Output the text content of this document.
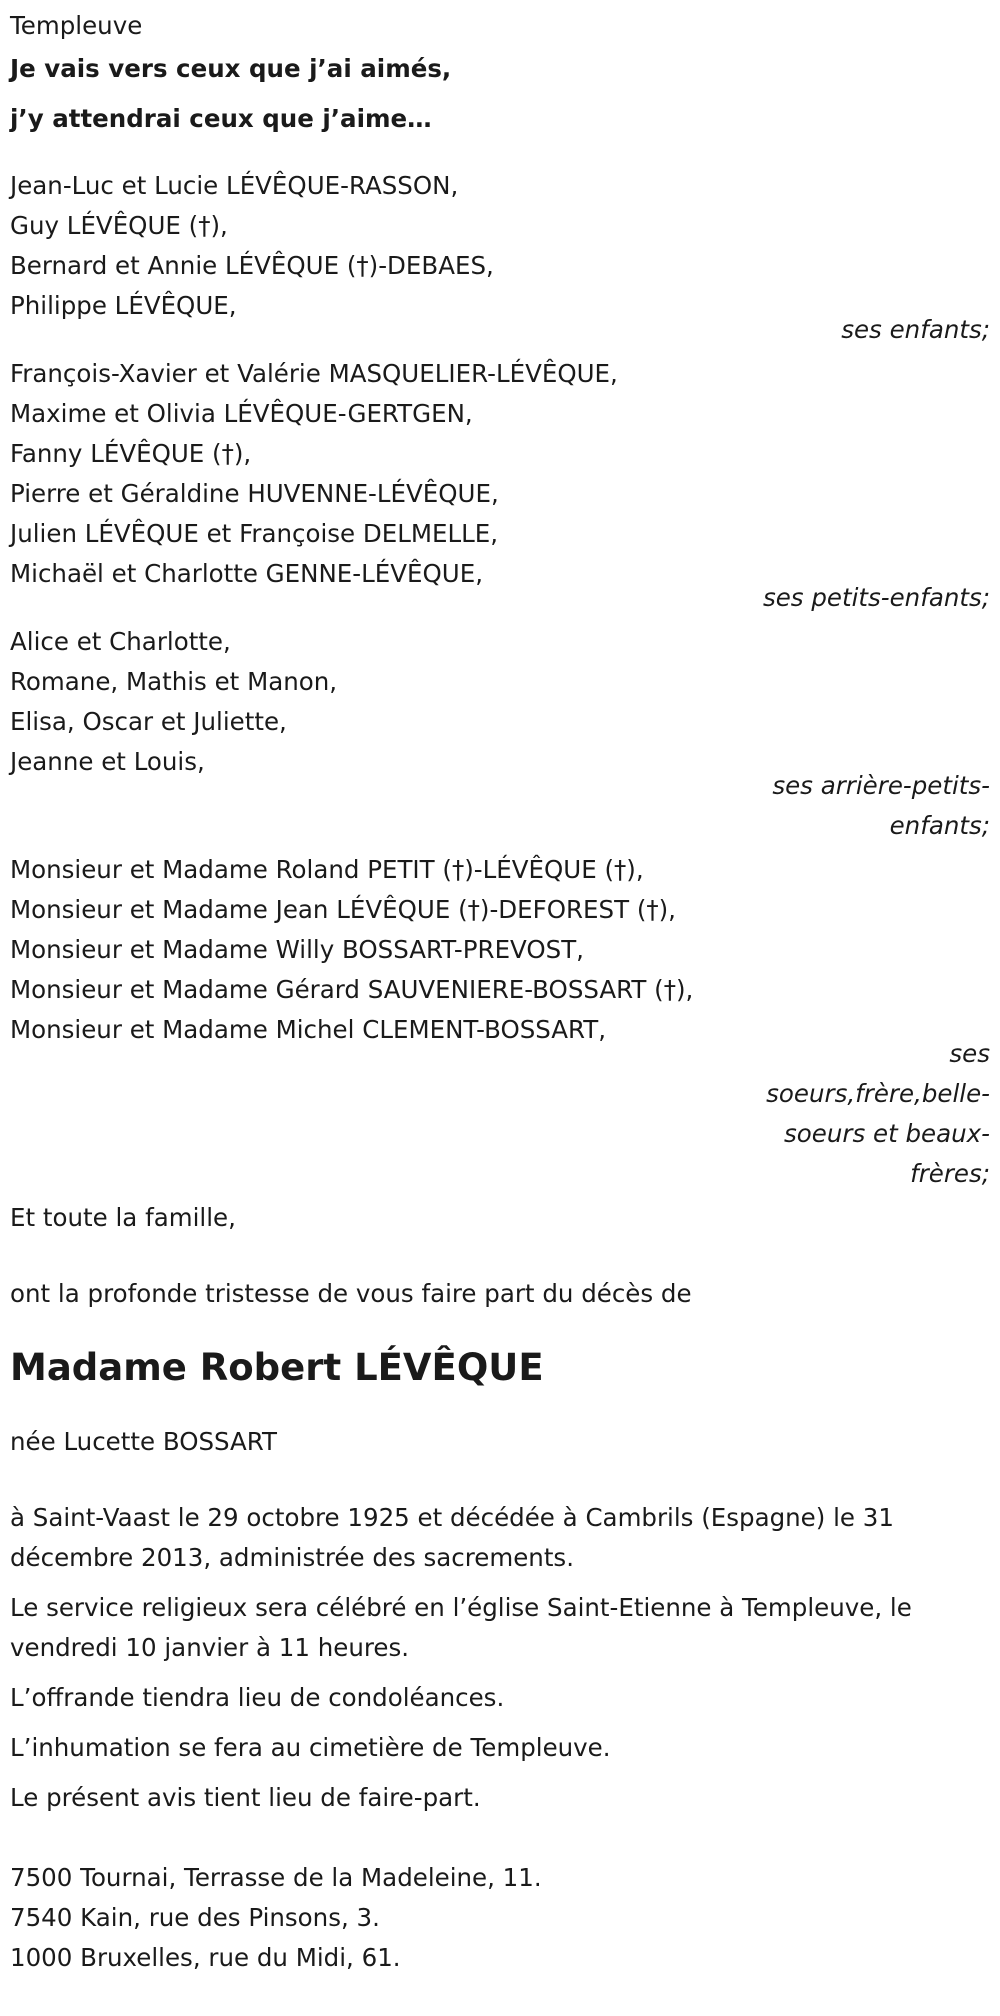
Templeuve
Je vais vers ceux que j’ai aimés,
j’y attendrai ceux que j’aime…
Jean-Luc et Lucie LÉVÊQUE-RASSON,
Guy LÉVÊQUE (†),
Bernard et Annie LÉVÊQUE (†)-DEBAES,
Philippe LÉVÊQUE,
ses enfants;
François-Xavier et Valérie MASQUELIER-LÉVÊQUE,
Maxime et Olivia LÉVÊQUE-GERTGEN,
Fanny LÉVÊQUE (†),
Pierre et Géraldine HUVENNE-LÉVÊQUE,
Julien LÉVÊQUE et Françoise DELMELLE,
Michaël et Charlotte GENNE-LÉVÊQUE,
ses petits-enfants;
Alice et Charlotte,
Romane, Mathis et Manon,
Elisa, Oscar et Juliette,
Jeanne et Louis,
ses arrière-petits-
enfants;
Monsieur et Madame Roland PETIT (†)-LÉVÊQUE (†),
Monsieur et Madame Jean LÉVÊQUE (†)-DEFOREST (†),
Monsieur et Madame Willy BOSSART-PREVOST,
Monsieur et Madame Gérard SAUVENIERE-BOSSART (†),
Monsieur et Madame Michel CLEMENT-BOSSART,
ses
soeurs,frère,belle-
soeurs et beaux-
frères;
Et toute la famille,
ont la profonde tristesse de vous faire part du décès de
Madame Robert LÉVÊQUE
née Lucette BOSSART
à Saint-Vaast le 29 octobre 1925 et décédée à Cambrils (Espagne) le 31 décembre 2013, administrée des sacrements.
Le service religieux sera célébré en l’église Saint-Etienne à Templeuve, le vendredi 10 janvier à 11 heures.
L’offrande tiendra lieu de condoléances.
L’inhumation se fera au cimetière de Templeuve.
Le présent avis tient lieu de faire-part.
7500 Tournai, Terrasse de la Madeleine, 11.
7540 Kain, rue des Pinsons, 3.
1000 Bruxelles, rue du Midi, 61.
